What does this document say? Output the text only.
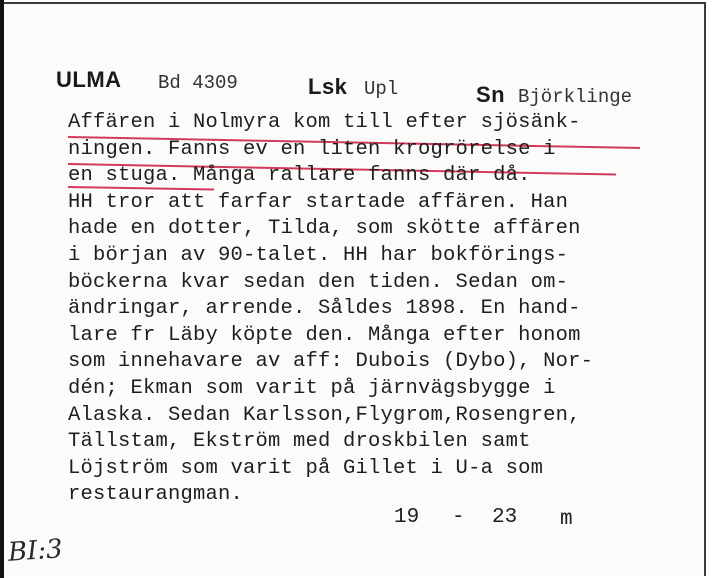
ULMA Bd 4309	Lsk Upl	Sn Björklinge
Affären i Nolmyra kom till efter sjösänk-
ningen. Fanns ev en liten krogrörelse i
en stuga. Många rallare fanns där då.
HH tror att farfar startade affären. Han
hade en dotter, Tilda, som skötte affären
i början av 90-talet. HH har bokförings-
böckerna kvar sedan den tiden. Sedan om-
ändringar, arrende. Såldes 1898. En hand-
lare fr Läby köpte den. Många efter honom
som innehavare av aff: Dubois (Dybo), Nor-
dén; Ekman som varit på järnvägsbygge i
Alaska. Sedan Karlsson,Flygrom,Rosengren,
Tällstam, Ekström med droskbilen samt
Löjström som varit på Gillet i U-a som
restaurangman.
19 - 23 m
BI:3
